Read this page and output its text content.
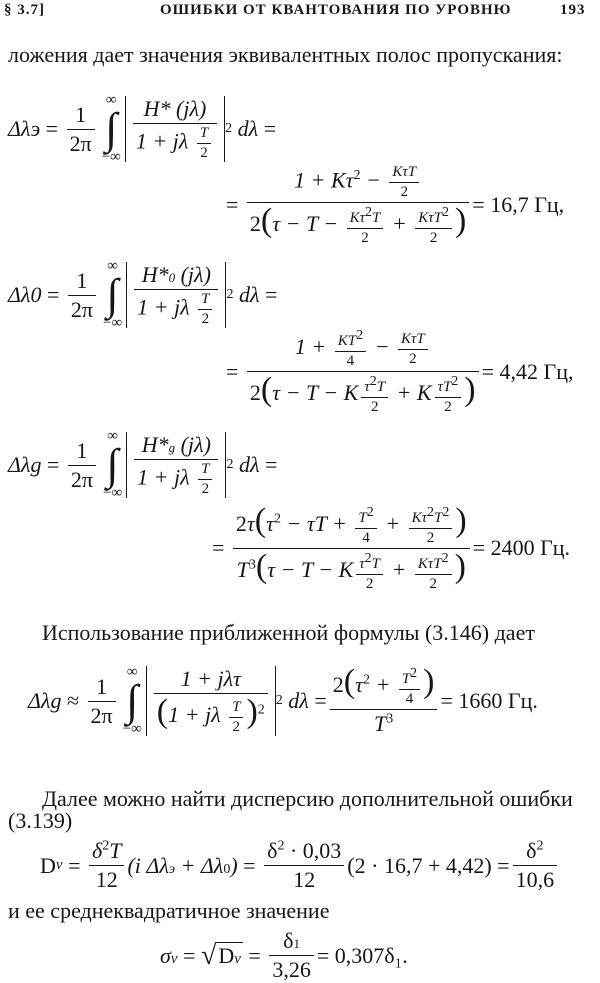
§ 3.7]	ОШИБКИ ОТ КВАНТОВАНИЯ ПО УРОВНЮ	193
ложения дает значения эквивалентных полос пропускания:
$\Delta\lambda э = \frac{1}{2\pi}$
∞
∫
−∞ $\frac{H* (j\lambda)}{1 + j\lambda \frac{T}{2}} 2$ dλ =
= $\frac{1 + K\tau^2 - \frac{\text{KτT}}{2}}{2(\tau - T - \frac{K\tau 2T}{2} + \frac{\text{KτT2}}{2} )} = 16,7$ Гц,
$\Delta\lambda 0 = \frac{1}{2\pi}$
∞
∫
−∞ $\frac{H*0 (j\lambda)}{1 + j\lambda \frac{T}{2}} 2$ dλ =
= $\frac{1 + \frac{KT2}{4} - \frac{\text{KτT}}{2}}{2(\tau - T - K \frac{\tau 2T}{2} + K \frac{\tau T2}{2} )} = 4,42$ Гц,
$\Delta\lambda g = \frac{1}{2\pi}$
∞
∫
−∞ $\frac{H*g (j\lambda)}{1 + j\lambda \frac{T}{2}} 2$ dλ =
= $\frac{2\tau(\tau^2 - \tau T + \frac{T2}{4} + \frac{K\tau 2T2}{2} )}{T^3(\tau - T - K \frac{\tau 2T}{2} + \frac{\text{KτT2}}{2} )} = 2400$ Гц.
Использование приближенной формулы (3.146) дает
$\Delta\lambda g \approx \frac{1}{2\pi}$
∞
∫
−∞ $\frac{\text{1 + jλτ}}{(1 + j\lambda \frac{T}{2} )^2} 2$ $d\lambda = \frac{2(\tau^2 + \frac{T2}{4} )}{T^3} = 1660$ Гц.
Далее можно найти дисперсию дополнительной ошибки
(3.139)
D $v = \frac{\delta^2T}{12} (i$ $\Delta\lambda э + \Delta\lambda 0) = \frac{\delta^2 \cdot 0,03}{12} (2 \cdot 16,7 + 4,42) = \frac{\delta^2}{10,6}$
и ее среднеквадратичное значение
σv = √ $Dv = \frac{\delta 1}{3,26} = 0,307\delta_1$.
